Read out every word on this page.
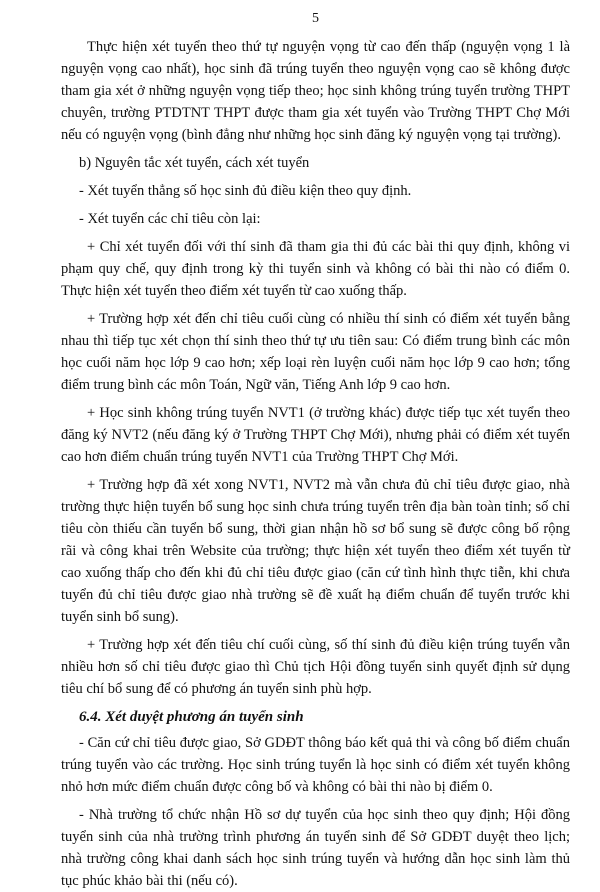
5

Thực hiện xét tuyển theo thứ tự nguyện vọng từ cao đến thấp (nguyện vọng 1 là nguyện vọng cao nhất), học sinh đã trúng tuyển theo nguyện vọng cao sẽ không được tham gia xét ở những nguyện vọng tiếp theo; học sinh không trúng tuyển trường THPT chuyên, trường PTDTNT THPT được tham gia xét tuyển vào Trường THPT Chợ Mới nếu có nguyện vọng (bình đẳng như những học sinh đăng ký nguyện vọng tại trường).

b) Nguyên tắc xét tuyển, cách xét tuyển

- Xét tuyển thẳng số học sinh đủ điều kiện theo quy định.

- Xét tuyển các chỉ tiêu còn lại:

+ Chỉ xét tuyển đối với thí sinh đã tham gia thi đủ các bài thi quy định, không vi phạm quy chế, quy định trong kỳ thi tuyển sinh và không có bài thi nào có điểm 0. Thực hiện xét tuyển theo điểm xét tuyển từ cao xuống thấp.

+ Trường hợp xét đến chỉ tiêu cuối cùng có nhiều thí sinh có điểm xét tuyển bằng nhau thì tiếp tục xét chọn thí sinh theo thứ tự ưu tiên sau: Có điểm trung bình các môn học cuối năm học lớp 9 cao hơn; xếp loại rèn luyện cuối năm học lớp 9 cao hơn; tổng điểm trung bình các môn Toán, Ngữ văn, Tiếng Anh lớp 9 cao hơn.

+ Học sinh không trúng tuyển NVT1 (ở trường khác) được tiếp tục xét tuyển theo đăng ký NVT2 (nếu đăng ký ở Trường THPT Chợ Mới), nhưng phải có điểm xét tuyển cao hơn điểm chuẩn trúng tuyển NVT1 của Trường THPT Chợ Mới.

+ Trường hợp đã xét xong NVT1, NVT2 mà vẫn chưa đủ chỉ tiêu được giao, nhà trường thực hiện tuyển bổ sung học sinh chưa trúng tuyển trên địa bàn toàn tỉnh; số chỉ tiêu còn thiếu cần tuyển bổ sung, thời gian nhận hồ sơ bổ sung sẽ được công bố rộng rãi và công khai trên Website của trường; thực hiện xét tuyển theo điểm xét tuyển từ cao xuống thấp cho đến khi đủ chỉ tiêu được giao (căn cứ tình hình thực tiễn, khi chưa tuyển đủ chỉ tiêu được giao nhà trường sẽ đề xuất hạ điểm chuẩn để tuyển trước khi tuyển sinh bổ sung).

+ Trường hợp xét đến tiêu chí cuối cùng, số thí sinh đủ điều kiện trúng tuyển vẫn nhiều hơn số chỉ tiêu được giao thì Chủ tịch Hội đồng tuyển sinh quyết định sử dụng tiêu chí bổ sung để có phương án tuyển sinh phù hợp.

6.4. Xét duyệt phương án tuyển sinh

- Căn cứ chỉ tiêu được giao, Sở GDĐT thông báo kết quả thi và công bố điểm chuẩn trúng tuyển vào các trường. Học sinh trúng tuyển là học sinh có điểm xét tuyển không nhỏ hơn mức điểm chuẩn được công bố và không có bài thi nào bị điểm 0.

- Nhà trường tổ chức nhận Hồ sơ dự tuyển của học sinh theo quy định; Hội đồng tuyển sinh của nhà trường trình phương án tuyển sinh để Sở GDĐT duyệt theo lịch; nhà trường công khai danh sách học sinh trúng tuyển và hướng dẫn học sinh làm thủ tục phúc khảo bài thi (nếu có).
